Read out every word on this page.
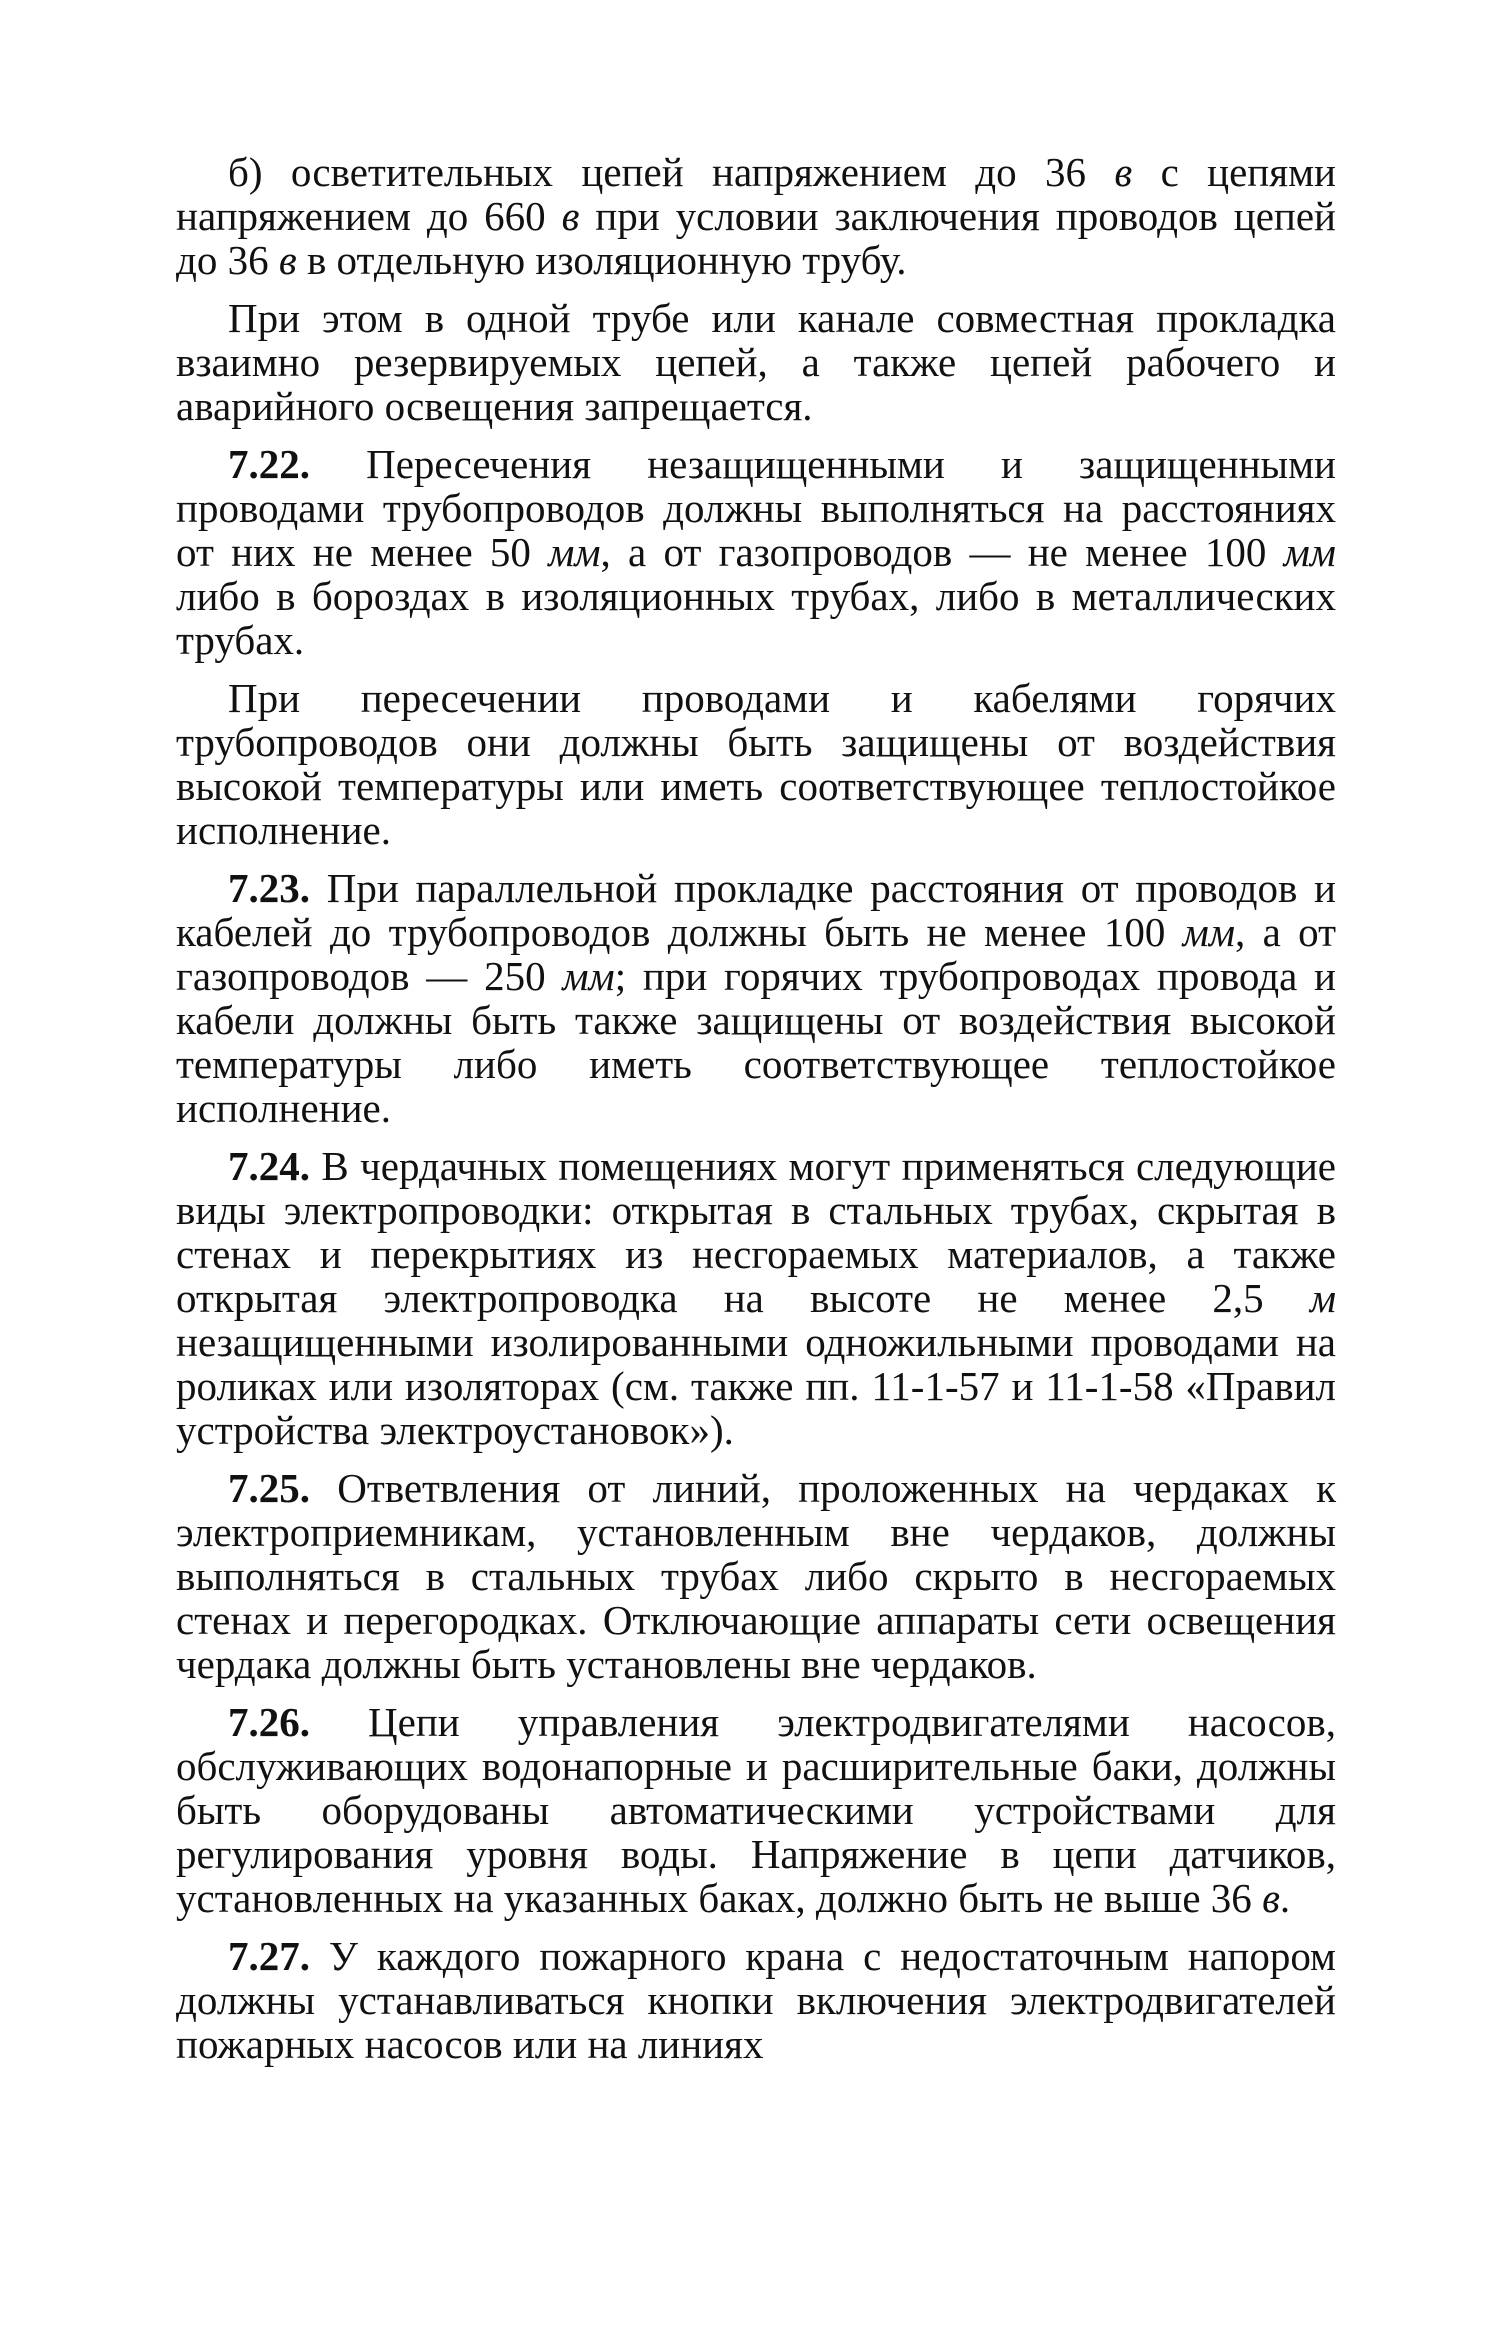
б) осветительных цепей напряжением до 36 в с цепями напряжением до 660 в при условии заключения проводов цепей до 36 в в отдельную изоляционную трубу.

При этом в одной трубе или канале совместная прокладка взаимно резервируемых цепей, а также цепей рабочего и аварийного освещения запрещается.

7.22. Пересечения незащищенными и защищенными проводами трубопроводов должны выполняться на расстояниях от них не менее 50 мм, а от газопроводов — не менее 100 мм либо в бороздах в изоляционных трубах, либо в металлических трубах.

При пересечении проводами и кабелями горячих трубопроводов они должны быть защищены от воздействия высокой температуры или иметь соответствующее теплостойкое исполнение.

7.23. При параллельной прокладке расстояния от проводов и кабелей до трубопроводов должны быть не менее 100 мм, а от газопроводов — 250 мм; при горячих трубопроводах провода и кабели должны быть также защищены от воздействия высокой температуры либо иметь соответствующее теплостойкое исполнение.

7.24. В чердачных помещениях могут применяться следующие виды электропроводки: открытая в стальных трубах, скрытая в стенах и перекрытиях из несгораемых материалов, а также открытая электропроводка на высоте не менее 2,5 м незащищенными изолированными одножильными проводами на роликах или изоляторах (см. также пп. 11-1-57 и 11-1-58 «Правил устройства электроустановок»).

7.25. Ответвления от линий, проложенных на чердаках к электроприемникам, установленным вне чердаков, должны выполняться в стальных трубах либо скрыто в несгораемых стенах и перегородках. Отключающие аппараты сети освещения чердака должны быть установлены вне чердаков.

7.26. Цепи управления электродвигателями насосов, обслуживающих водонапорные и расширительные баки, должны быть оборудованы автоматическими устройствами для регулирования уровня воды. Напряжение в цепи датчиков, установленных на указанных баках, должно быть не выше 36 в.

7.27. У каждого пожарного крана с недостаточным напором должны устанавливаться кнопки включения электродвигателей пожарных насосов или на линиях
